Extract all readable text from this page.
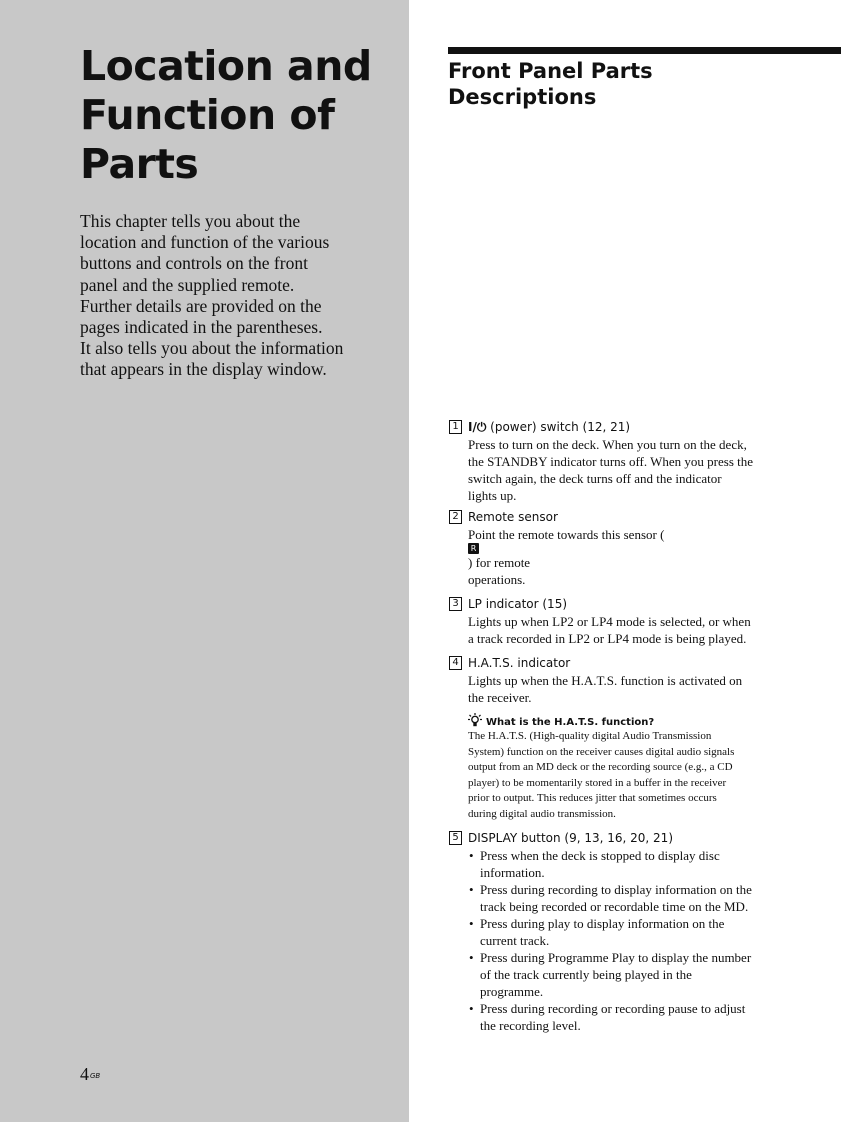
Location and
Function of
Parts

This chapter tells you about the
location and function of the various
buttons and controls on the front
panel and the supplied remote.
Further details are provided on the
pages indicated in the parentheses.
It also tells you about the information
that appears in the display window.

$4^{GB}$
Front Panel Parts
Descriptions
1 I/⏻ (power) switch (12, 21)
Press to turn on the deck. When you turn on the deck,
the STANDBY indicator turns off. When you press the
switch again, the deck turns off and the indicator
lights up.
2 Remote sensor
Point the remote towards this sensor (
R
) for remote
operations.
3 LP indicator (15)
Lights up when LP2 or LP4 mode is selected, or when
a track recorded in LP2 or LP4 mode is being played.
4 H.A.T.S. indicator
Lights up when the H.A.T.S. function is activated on
the receiver.
What is the H.A.T.S. function?
The H.A.T.S. (High-quality digital Audio Transmission
System) function on the receiver causes digital audio signals
output from an MD deck or the recording source (e.g., a CD
player) to be momentarily stored in a buffer in the receiver
prior to output. This reduces jitter that sometimes occurs
during digital audio transmission.
5 DISPLAY button (9, 13, 16, 20, 21)
• Press when the deck is stopped to display disc
information.
• Press during recording to display information on the
track being recorded or recordable time on the MD.
• Press during play to display information on the
current track.
• Press during Programme Play to display the number
of the track currently being played in the
programme.
• Press during recording or recording pause to adjust
the recording level.
